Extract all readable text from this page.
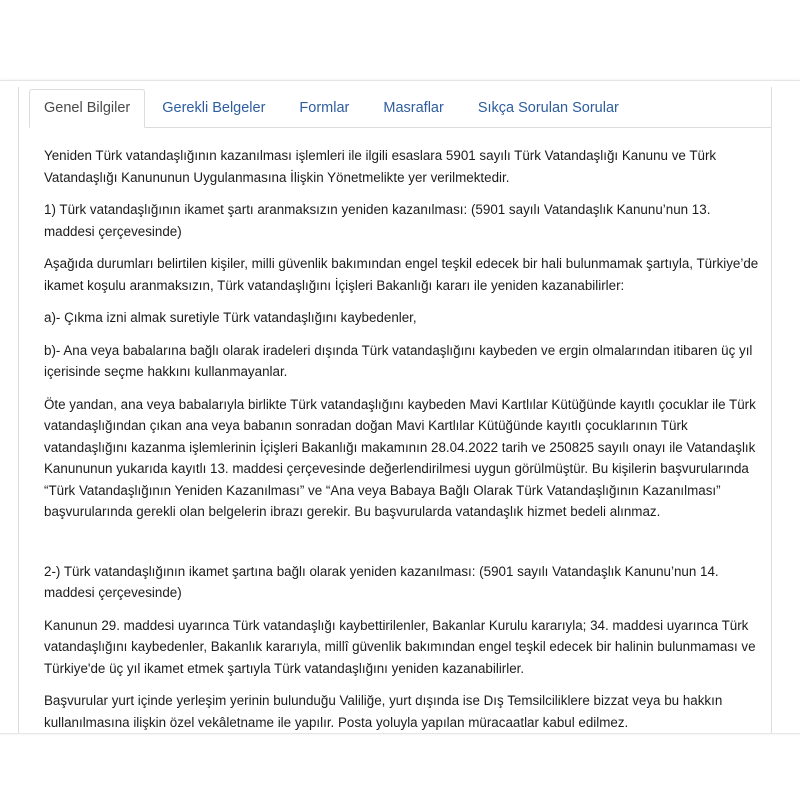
Genel Bilgiler	Gerekli Belgeler	Formlar	Masraflar	Sıkça Sorulan Sorular

Yeniden Türk vatandaşlığının kazanılması işlemleri ile ilgili esaslara 5901 sayılı Türk Vatandaşlığı Kanunu ve Türk Vatandaşlığı Kanununun Uygulanmasına İlişkin Yönetmelikte yer verilmektedir.

1) Türk vatandaşlığının ikamet şartı aranmaksızın yeniden kazanılması: (5901 sayılı Vatandaşlık Kanunu’nun 13. maddesi çerçevesinde)

Aşağıda durumları belirtilen kişiler, milli güvenlik bakımından engel teşkil edecek bir hali bulunmamak şartıyla, Türkiye’de ikamet koşulu aranmaksızın, Türk vatandaşlığını İçişleri Bakanlığı kararı ile yeniden kazanabilirler:

a)- Çıkma izni almak suretiyle Türk vatandaşlığını kaybedenler,

b)- Ana veya babalarına bağlı olarak iradeleri dışında Türk vatandaşlığını kaybeden ve ergin olmalarından itibaren üç yıl içerisinde seçme hakkını kullanmayanlar.

Öte yandan, ana veya babalarıyla birlikte Türk vatandaşlığını kaybeden Mavi Kartlılar Kütüğünde kayıtlı çocuklar ile Türk vatandaşlığından çıkan ana veya babanın sonradan doğan Mavi Kartlılar Kütüğünde kayıtlı çocuklarının Türk vatandaşlığını kazanma işlemlerinin İçişleri Bakanlığı makamının 28.04.2022 tarih ve 250825 sayılı onayı ile Vatandaşlık Kanununun yukarıda kayıtlı 13. maddesi çerçevesinde değerlendirilmesi uygun görülmüştür. Bu kişilerin başvurularında “Türk Vatandaşlığının Yeniden Kazanılması” ve “Ana veya Babaya Bağlı Olarak Türk Vatandaşlığının Kazanılması” başvurularında gerekli olan belgelerin ibrazı gerekir. Bu başvurularda vatandaşlık hizmet bedeli alınmaz.

2-) Türk vatandaşlığının ikamet şartına bağlı olarak yeniden kazanılması: (5901 sayılı Vatandaşlık Kanunu’nun 14. maddesi çerçevesinde)

Kanunun 29. maddesi uyarınca Türk vatandaşlığı kaybettirilenler, Bakanlar Kurulu kararıyla; 34. maddesi uyarınca Türk vatandaşlığını kaybedenler, Bakanlık kararıyla, millî güvenlik bakımından engel teşkil edecek bir halinin bulunmaması ve Türkiye'de üç yıl ikamet etmek şartıyla Türk vatandaşlığını yeniden kazanabilirler.

Başvurular yurt içinde yerleşim yerinin bulunduğu Valiliğe, yurt dışında ise Dış Temsilciliklere bizzat veya bu hakkın kullanılmasına ilişkin özel vekâletname ile yapılır. Posta yoluyla yapılan müracaatlar kabul edilmez.
